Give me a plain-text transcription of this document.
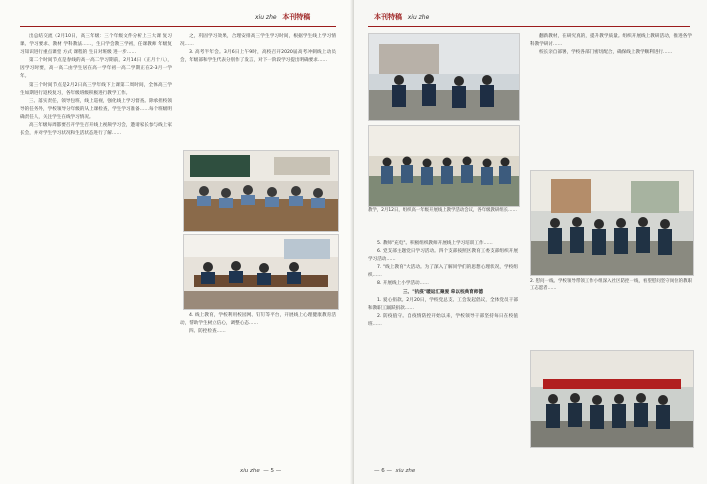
xiu zhe 本刊特稿

出总结交流（2月10日，高三年级：三个年级文件分析上三大课 复习课、学习要求、教材 学科教法……，生日学会教三学初，任课教师 年级复习知识进行重点课堂 方式 课程的 生日对班级 进一步……

第二个时间节点是春线的高一高二学习期前，2月14日（正月十八），因学习时要，高一高二由学生居在高一学年初一高二学期正在2-3月一学年。

第三个时间节点是2月2日高三学年线下上课第二周时间，全体高三学生如期进行返校复习，各年级班级积极进行教学工作。

三、落实责任，领导包班，线上巡视，强化线上学习督查。除承担校领导的任务外，学校领导分年级的从上课检查，学生学习准备……每个班级明确责任人，关注学生在线学习情况。

高三年级每周都要召开学生召开线上视频学习会，邀请家长参与线上家长会，并对学生学习状况和生活状态进行了解……

之，巩固学习效果，合理安排高三学生学习时间，根据学生线上学习情况……

3. 高考半年会。3月6日上午9时，高校召开2020届高考冲刺线上动员会，年级部和学生代表分别作了发言，对下一阶段学习提出明确要求……

4. 线上教育，学校利用校园网、钉钉等平台，开展线上心理健康教育活动，帮助学生树立信心，调整心态……

四、防控检查……

xiu zhe — 5 —
本刊特稿 xiu zhe

翻新教材，在研究真的，提升教学质量。组织开展线上教研活动，推进各学科教学研讨……

校长亲自部署，学校各部门密切配合，确保线上教学顺利进行……

教学，2月12日，组织高一年级开展线上教学活动会议，各年级教研组长……

5. 教师"充电"。积极组织教师开展线上学习培训工作……

6. 党支部主题党日学习活动。四个支部按照区教育工委支部组织开展学习活动……

7. "线上教育"大活动。为了深入了解同学们的思想心理状况，学校组织……

8. 开展线上小学活动……

三、"抗疫"暖返汇聚爱 牵以校典育师德

1. 爱心捐款。2月20日，学校党总支、工会发起倡议，全体党员干部和教职工踊跃捐款……

2. 防疫值守。自疫情防控开始以来，学校领导干部坚持每日在校值班……

2. 慰问一线。学校领导带领工作小组深入社区防控一线，看望慰问坚守岗位的教职工志愿者……
— 6 — xiu zhe
